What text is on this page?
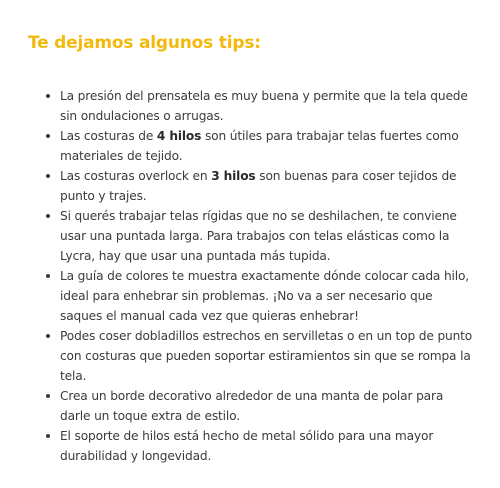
Te dejamos algunos tips:
La presión del prensatela es muy buena y permite que la tela quede sin ondulaciones o arrugas.
Las costuras de 4 hilos son útiles para trabajar telas fuertes como materiales de tejido.
Las costuras overlock en 3 hilos son buenas para coser tejidos de punto y trajes.
Si querés trabajar telas rígidas que no se deshilachen, te conviene usar una puntada larga. Para trabajos con telas elásticas como la Lycra, hay que usar una puntada más tupida.
La guía de colores te muestra exactamente dónde colocar cada hilo, ideal para enhebrar sin problemas. ¡No va a ser necesario que saques el manual cada vez que quieras enhebrar!
Podes coser dobladillos estrechos en servilletas o en un top de punto con costuras que pueden soportar estiramientos sin que se rompa la tela.
Crea un borde decorativo alrededor de una manta de polar para darle un toque extra de estilo.
El soporte de hilos está hecho de metal sólido para una mayor durabilidad y longevidad.
